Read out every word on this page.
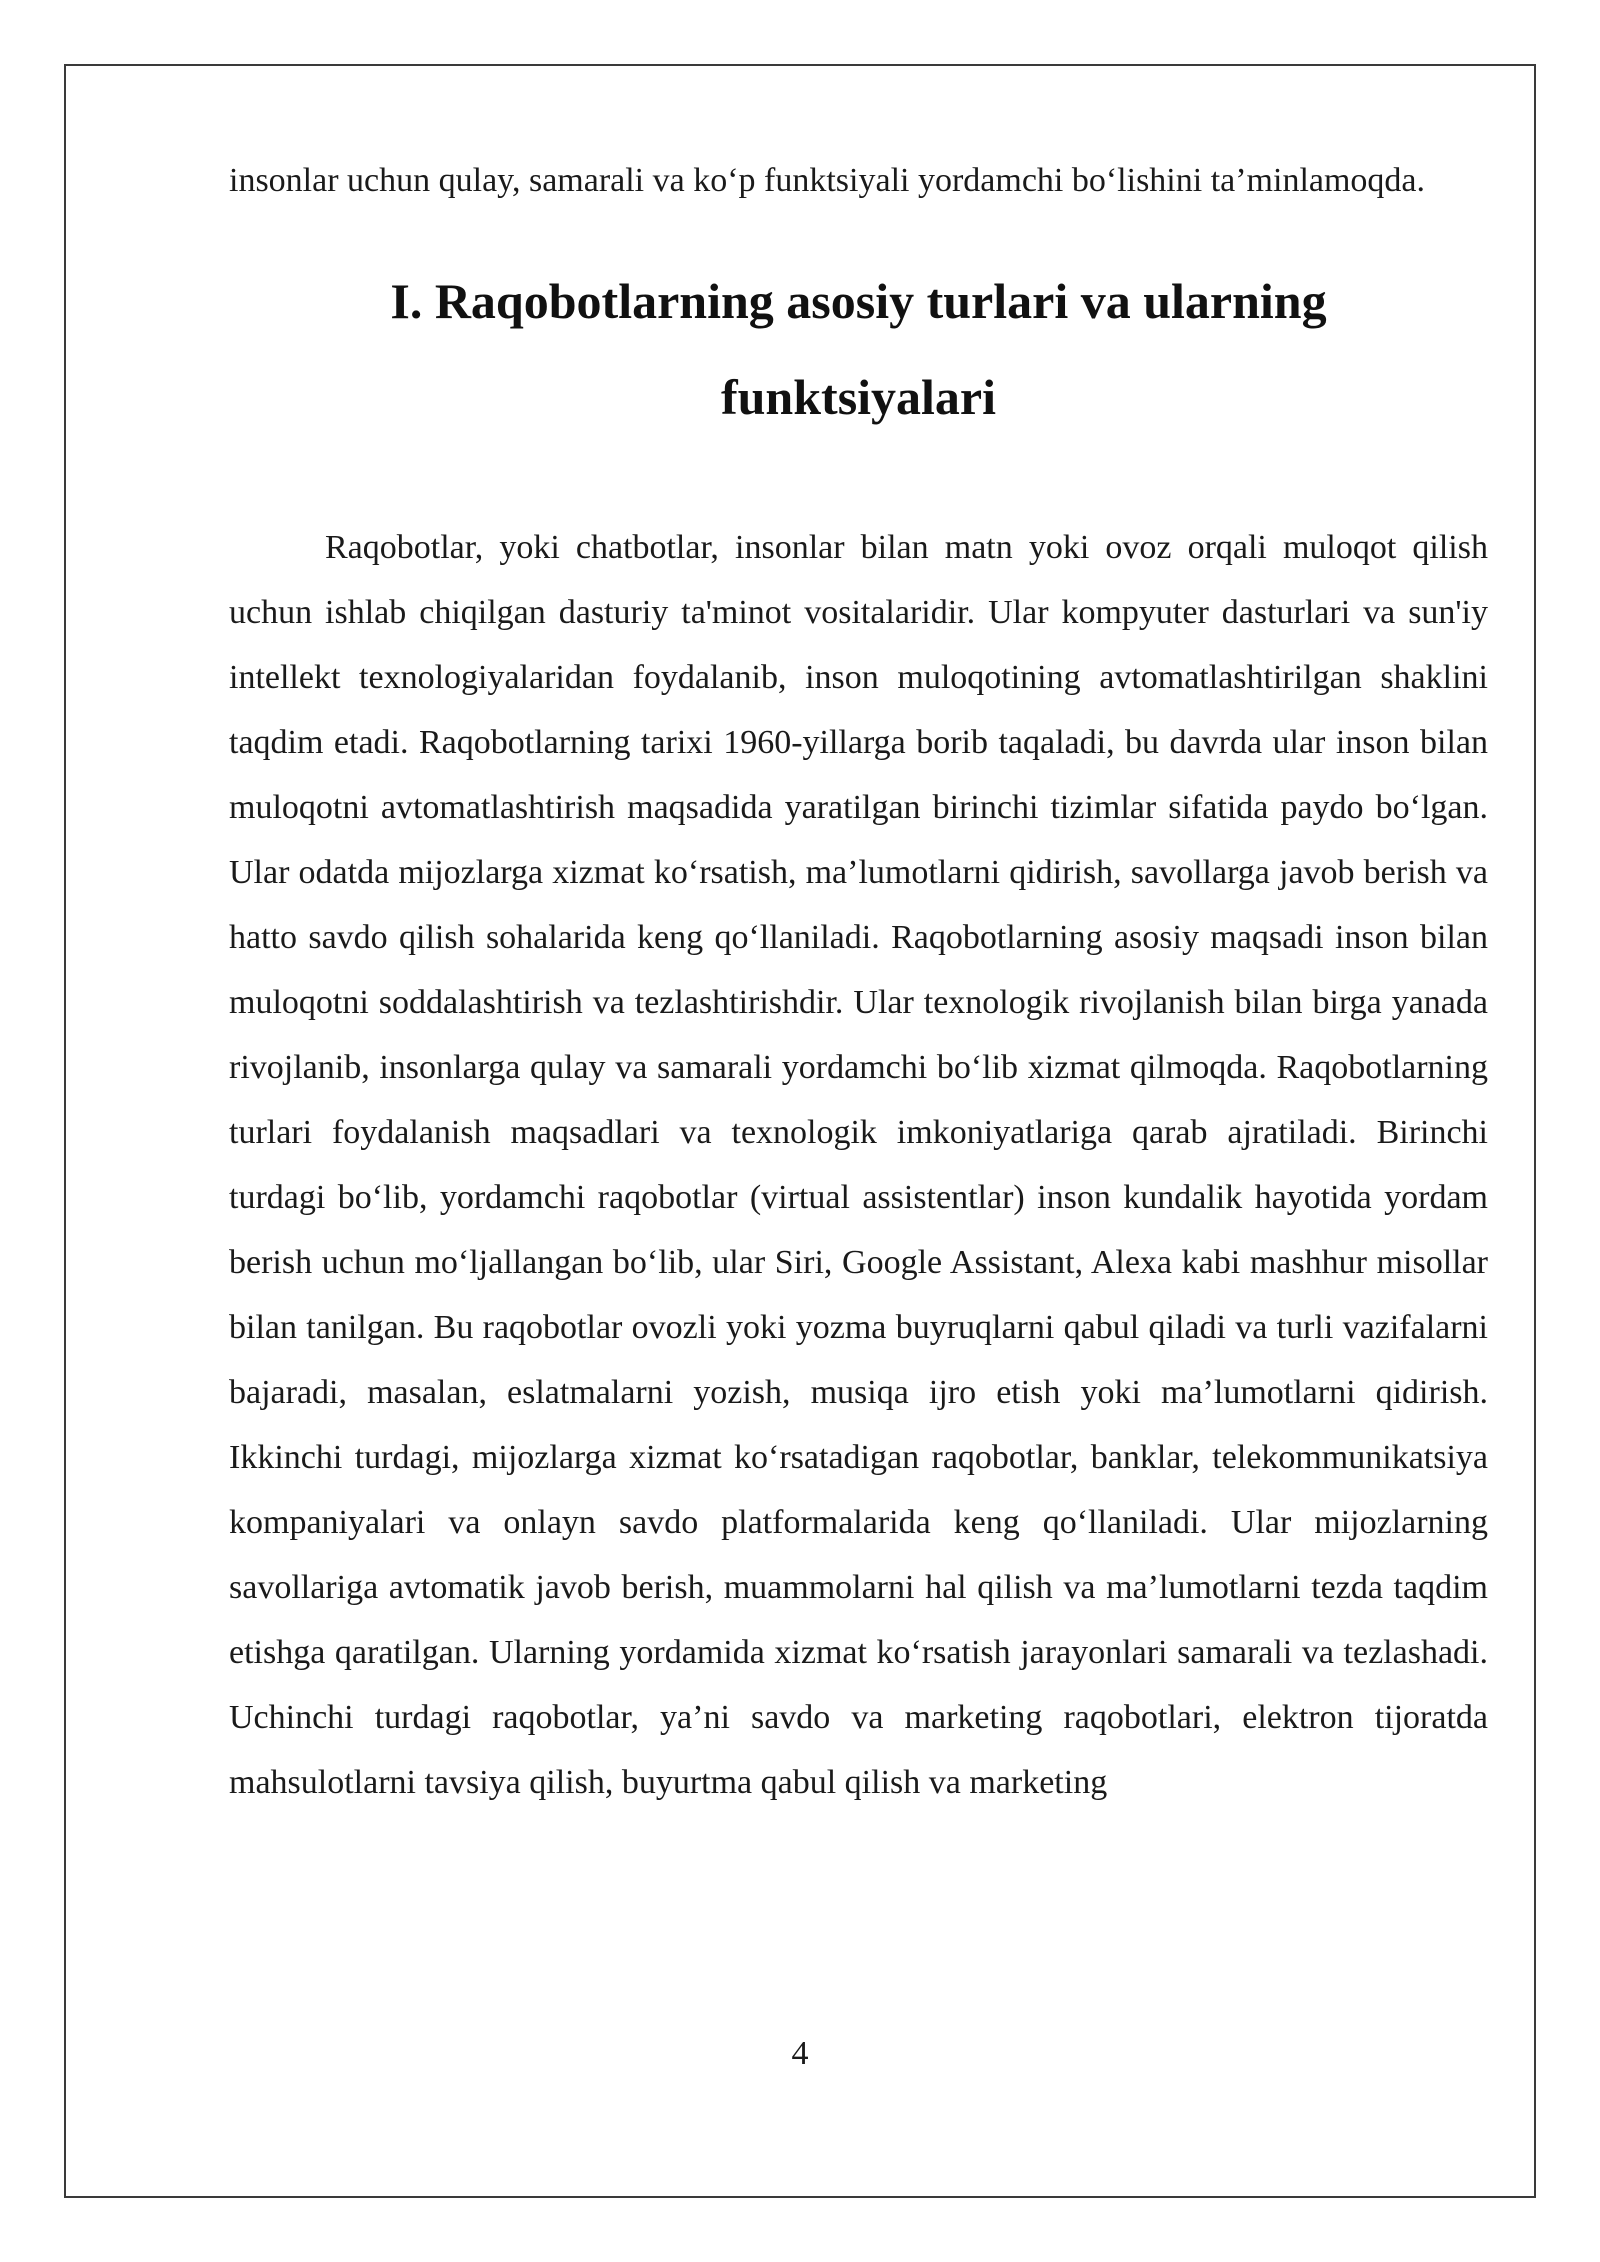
insonlar uchun qulay, samarali va ko‘p funktsiyali yordamchi bo‘lishini ta’minlamoqda.

I. Raqobotlarning asosiy turlari va ularning funktsiyalari

Raqobotlar, yoki chatbotlar, insonlar bilan matn yoki ovoz orqali muloqot qilish uchun ishlab chiqilgan dasturiy ta'minot vositalaridir. Ular kompyuter dasturlari va sun'iy intellekt texnologiyalaridan foydalanib, inson muloqotining avtomatlashtirilgan shaklini taqdim etadi. Raqobotlarning tarixi 1960-yillarga borib taqaladi, bu davrda ular inson bilan muloqotni avtomatlashtirish maqsadida yaratilgan birinchi tizimlar sifatida paydo bo‘lgan. Ular odatda mijozlarga xizmat ko‘rsatish, ma’lumotlarni qidirish, savollarga javob berish va hatto savdo qilish sohalarida keng qo‘llaniladi. Raqobotlarning asosiy maqsadi inson bilan muloqotni soddalashtirish va tezlashtirishdir. Ular texnologik rivojlanish bilan birga yanada rivojlanib, insonlarga qulay va samarali yordamchi bo‘lib xizmat qilmoqda. Raqobotlarning turlari foydalanish maqsadlari va texnologik imkoniyatlariga qarab ajratiladi. Birinchi turdagi bo‘lib, yordamchi raqobotlar (virtual assistentlar) inson kundalik hayotida yordam berish uchun mo‘ljallangan bo‘lib, ular Siri, Google Assistant, Alexa kabi mashhur misollar bilan tanilgan. Bu raqobotlar ovozli yoki yozma buyruqlarni qabul qiladi va turli vazifalarni bajaradi, masalan, eslatmalarni yozish, musiqa ijro etish yoki ma’lumotlarni qidirish. Ikkinchi turdagi, mijozlarga xizmat ko‘rsatadigan raqobotlar, banklar, telekommunikatsiya kompaniyalari va onlayn savdo platformalarida keng qo‘llaniladi. Ular mijozlarning savollariga avtomatik javob berish, muammolarni hal qilish va ma’lumotlarni tezda taqdim etishga qaratilgan. Ularning yordamida xizmat ko‘rsatish jarayonlari samarali va tezlashadi. Uchinchi turdagi raqobotlar, ya’ni savdo va marketing raqobotlari, elektron tijoratda mahsulotlarni tavsiya qilish, buyurtma qabul qilish va marketing

4
